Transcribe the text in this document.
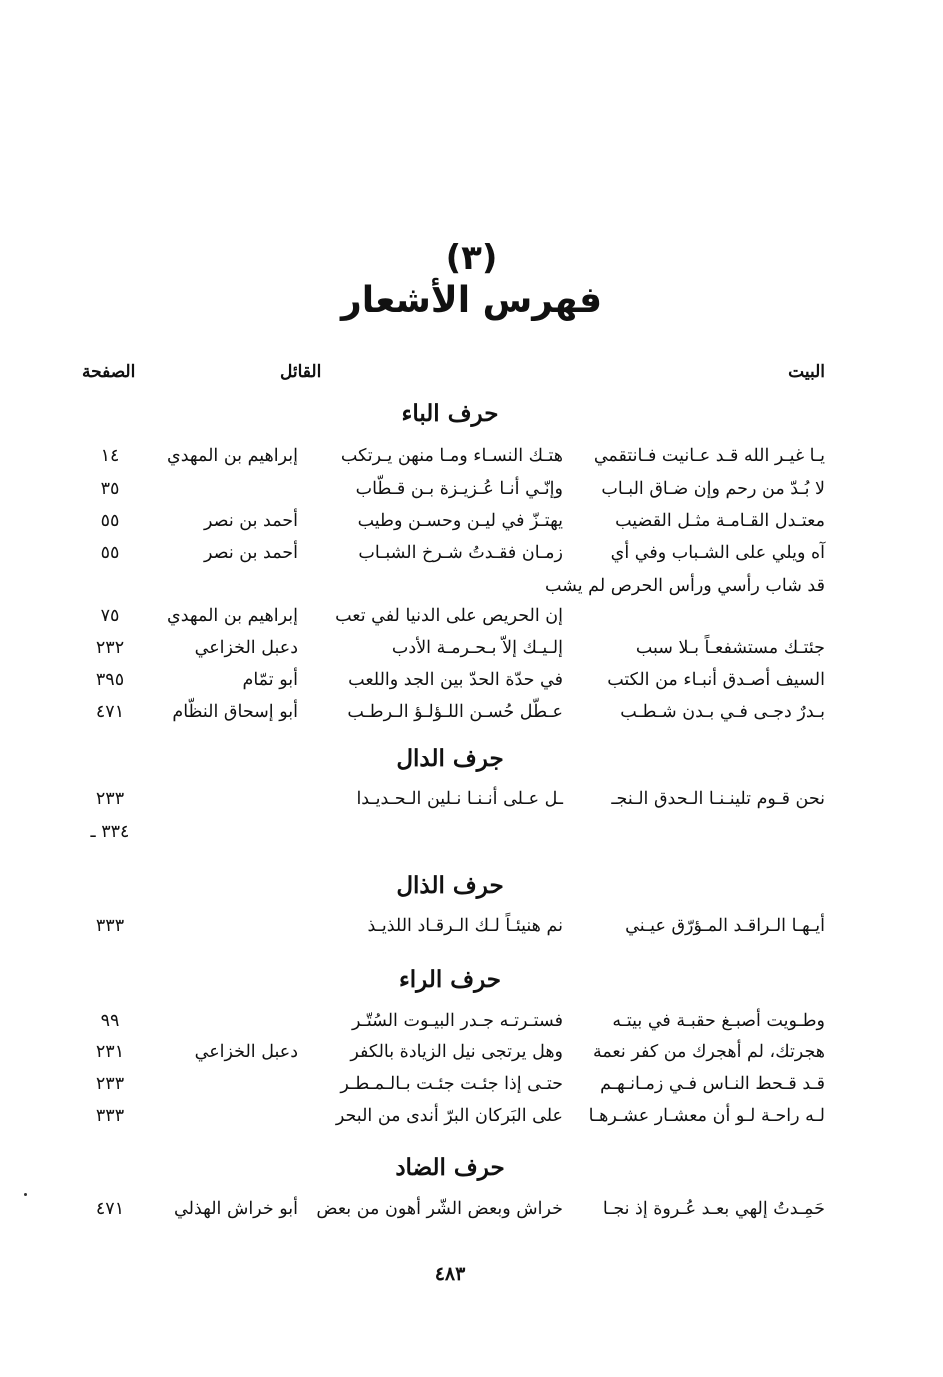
(٣)
فهرس الأشعار
البيت
القائل
الصفحة
حرف الباء
يـا غيـر الله قـد عـانيت فـانتقمي
هتـك النسـاء ومـا منهن يـرتكب
إبراهيم بن المهدي
١٤
لا بُـدّ من رحم وإن ضـاق البـاب
وإنّـي أنـا عُـزيـزة بـن قـطّاب
٣٥
معتـدل القـامـة مثـل القضيب
يهتـزّ في ليـن وحسـن وطيب
أحمد بن نصر
٥٥
آه ويلي على الشـباب وفي أي
زمـان فقـدتُ شـرخ الشبـاب
أحمد بن نصر
٥٥
قد شاب رأسي ورأس الحرص لم يشب
إن الحريص على الدنيا لفي تعب
إبراهيم بن المهدي
٧٥
جئتـك مستشفعـاً بـلا سبب
إلـيـك إلاّ بـحـرمـة الأدب
دعبل الخزاعي
٢٣٢
السيف أصـدق أنبـاء من الكتب
في حدّة الحدّ بين الجد واللعب
أبو تمّام
٣٩٥
بـدرٌ دجـى فـي بـدن شـطـب
عـطّل حُسـن اللـؤلـؤ الـرطـب
أبو إسحاق النظّام
٤٧١
جرف الدال
نحن قـوم تلينـنـا الـحدق الـنجـ
ـل عـلى أنـنـا نـلين الـحـديـدا
٢٣٣
٣٣٤ ـ
حرف الذال
أيـهـا الـراقـد المـؤرّق عيـني
نم هنيئـاً لـك الـرقـاد اللذيـذ
٣٣٣
حرف الراء
وطـويت أصبـغ حقبـة في بيتـه
فستـرتـه جـدر البيـوت السُتّـر
٩٩
هجرتك، لم أهجرك من كفر نعمة
وهل يرتجى نيل الزيادة بالكفر
دعبل الخزاعي
٢٣١
قـد قـحط النـاس فـي زمـانـهـم
حتـى إذا جئـت جئـت بـالـمـطـر
٢٣٣
لـه راحـة لـو أن معشـار عشـرهـا
على البَركان البرّ أندى من البحر
٣٣٣
حرف الضاد
حَمِـدتُ إلهي بعـد عُـروة إذ نجـا
خراش وبعض الشّر أهون من بعض
أبو خراش الهذلي
٤٧١
٤٨٣
